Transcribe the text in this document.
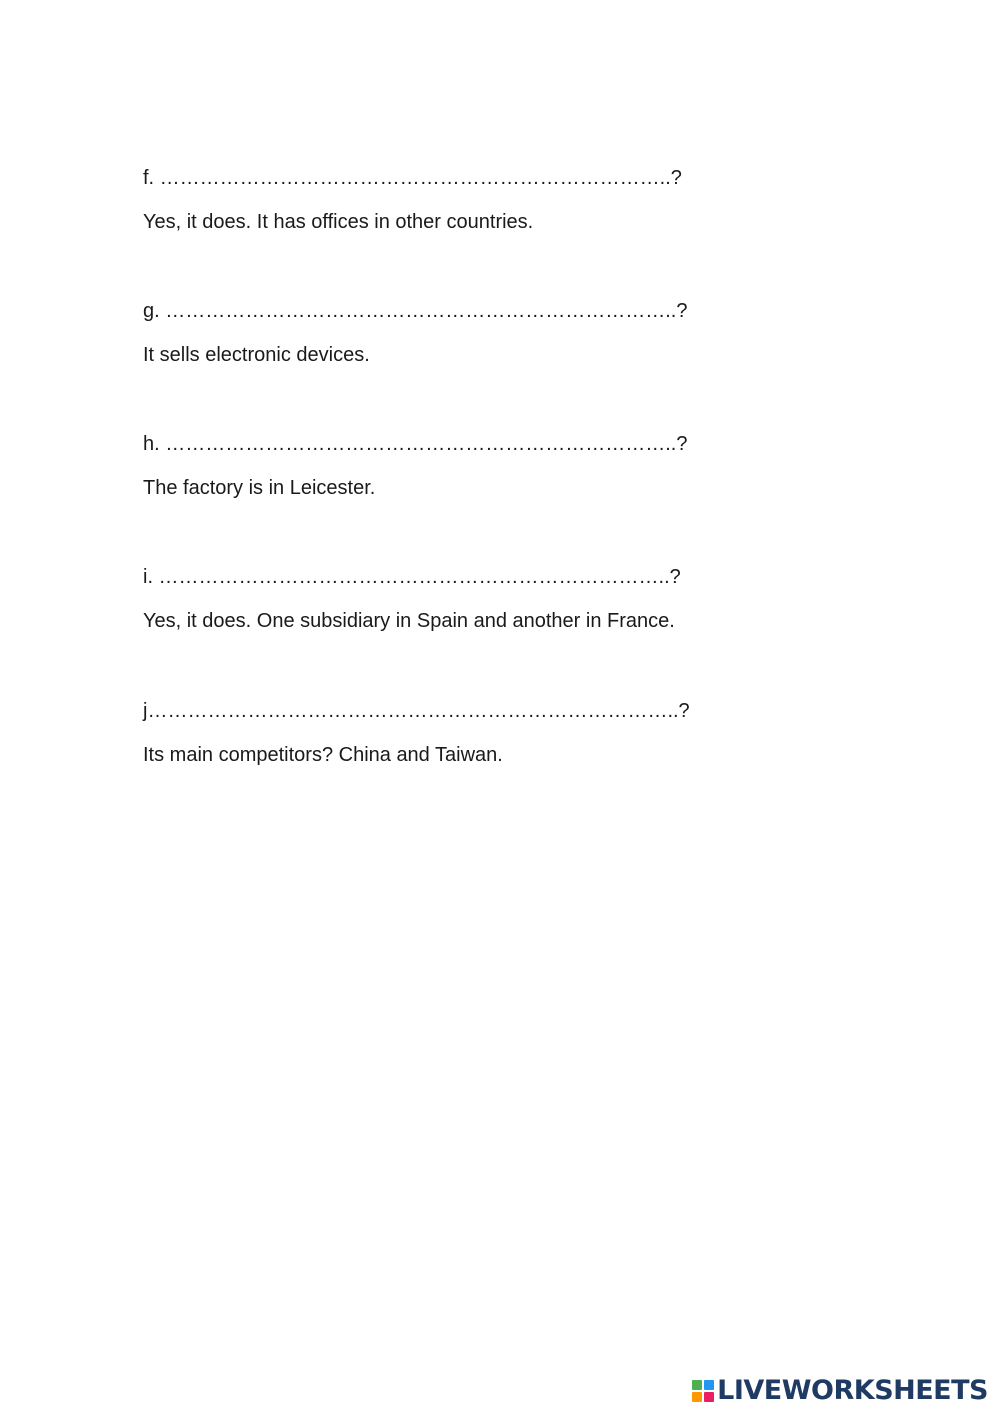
f. …………………………………………………………………..?
Yes, it does. It has offices in other countries.
g. …………………………………………………………………..?
It sells electronic devices.
h. …………………………………………………………………..?
The factory is in Leicester.
i. …………………………………………………………………..?
Yes, it does. One subsidiary in Spain and another in France.
j……………………………………………………………………..?
Its main competitors? China and Taiwan.
LIVEWORKSHEETS
